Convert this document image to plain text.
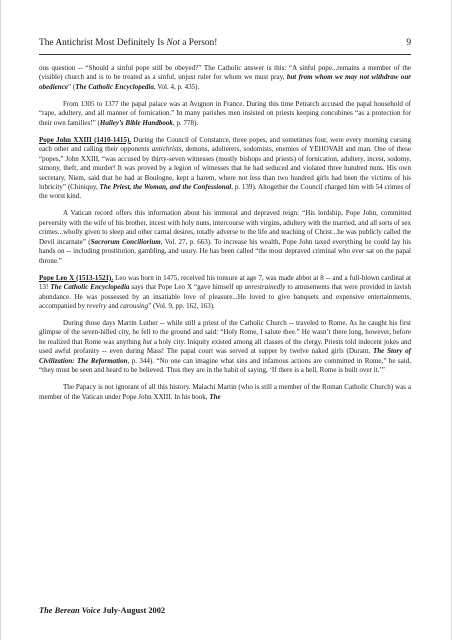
The Antichrist Most Definitely Is Not a Person!	9

ous question -- “Should a sinful pope still be obeyed?” The Catholic answer is this: “A sinful pope...remains a member of the (visible) church and is to be treated as a sinful, unjust ruler for whom we must pray, but from whom we may not withdraw our obedience” (The Catholic Encyclopedia, Vol. 4, p. 435).

From 1305 to 1377 the papal palace was at Avignon in France. During this time Petrarch accused the papal household of “rape, adultery, and all manner of fornication.” In many parishes men insisted on priests keeping concubines “as a protection for their own families!” (Halley’s Bible Handbook, p. 778).

Pope John XXIII (1410-1415). During the Council of Constance, three popes, and sometimes four, were every morning cursing each other and calling their opponents antichrists, demons, adulterers, sodomists, enemies of YEHOVAH and man. One of these “popes,” John XXIII, “was accused by thirty-seven witnesses (mostly bishops and priests) of fornication, adultery, incest, sodomy, simony, theft, and murder! It was proved by a legion of witnesses that he had seduced and violated three hundred nuns. His own secretary, Niem, said that he had at Boulogne, kept a harem, where not less than two hundred girls had been the victims of his lubricity” (Chiniquy, The Priest, the Woman, and the Confessional, p. 139). Altogether the Council charged him with 54 crimes of the worst kind.

A Vatican record offers this information about his immoral and depraved reign: “His lordship, Pope John, committed perversity with the wife of his brother, incest with holy nuns, intercourse with virgins, adultery with the married, and all sorts of sex crimes...wholly given to sleep and other carnal desires, totally adverse to the life and teaching of Christ...he was publicly called the Devil incarnate” (Sacrorum Conciliorium, Vol. 27, p. 663). To increase his wealth, Pope John taxed everything he could lay his hands on -- including prostitution, gambling, and usury. He has been called “the most depraved criminal who ever sat on the papal throne.”

Pope Leo X (1513-1521). Leo was born in 1475, received his tonsure at age 7, was made abbot at 8 -- and a full-blown cardinal at 13! The Catholic Encyclopedia says that Pope Leo X “gave himself up unrestrainedly to amusements that were provided in lavish abundance. He was possessed by an insatiable love of pleasure...He loved to give banquets and expensive entertainments, accompanied by revelry and carousing” (Vol. 9, pp. 162, 163).

During those days Martin Luther -- while still a priest of the Catholic Church -- traveled to Rome. As he caught his first glimpse of the seven-hilled city, he fell to the ground and said: “Holy Rome, I salute thee.” He wasn’t there long, however, before he realized that Rome was anything but a holy city. Iniquity existed among all classes of the clergy. Priests told indecent jokes and used awful profanity -- even during Mass! The papal court was served at supper by twelve naked girls (Durant, The Story of Civilization: The Reformation, p. 344). “No one can imagine what sins and infamous actions are committed in Rome,” he said, “they must be seen and heard to be believed. Thus they are in the habit of saying, ‘If there is a hell, Rome is built over it.’”

The Papacy is not ignorant of all this history. Malachi Martin (who is still a member of the Roman Catholic Church) was a member of the Vatican under Pope John XXIII. In his book, The

The Berean Voice July-August 2002
